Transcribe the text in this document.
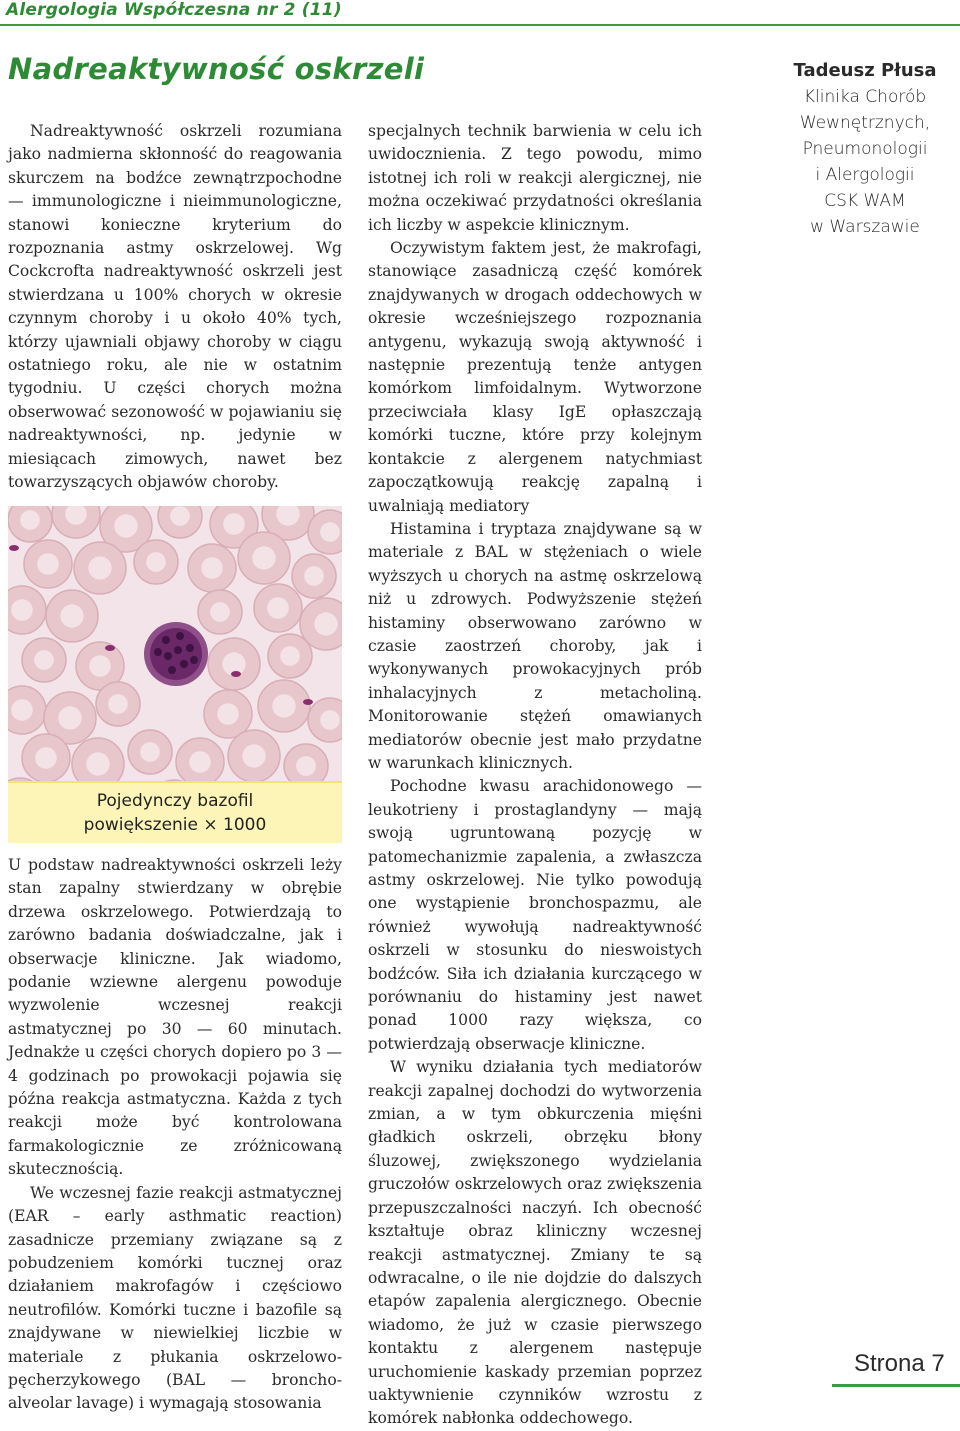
Alergologia Współczesna nr 2 (11)
Nadreaktywność oskrzeli	Tadeusz Płusa
Klinika Chorób
Wewnętrznych,
Pneumonologii
i Alergologii
CSK WAM
w Warszawie

Nadreaktywność oskrzeli rozumiana jako nadmierna skłonność do reagowania skurczem na bodźce zewnątrzpochodne — immunologiczne i nieimmunologiczne, stanowi konieczne kryterium do rozpoznania astmy oskrzelowej. Wg Cockcrofta nadreaktywność oskrzeli jest stwierdzana u 100% chorych w okresie czynnym choroby i u około 40% tych, którzy ujawniali objawy choroby w ciągu ostatniego roku, ale nie w ostatnim tygodniu. U części chorych można obserwować sezonowość w pojawianiu się nadreaktywności, np. jedynie w miesiącach zimowych, nawet bez towarzyszących objawów choroby.

Pojedynczy bazofil
powiększenie × 1000

U podstaw nadreaktywności oskrzeli leży stan zapalny stwierdzany w obrębie drzewa oskrzelowego. Potwierdzają to zarówno badania doświadczalne, jak i obserwacje kliniczne. Jak wiadomo, podanie wziewne alergenu powoduje wyzwolenie wczesnej reakcji astmatycznej po 30 — 60 minutach. Jednakże u części chorych dopiero po 3 — 4 godzinach po prowokacji pojawia się późna reakcja astmatyczna. Każda z tych reakcji może być kontrolowana farmakologicznie ze zróżnicowaną skutecznością.

We wczesnej fazie reakcji astmatycznej (EAR – early asthmatic reaction) zasadnicze przemiany związane są z pobudzeniem komórki tucznej oraz działaniem makrofagów i częściowo neutrofilów. Komórki tuczne i bazofile są znajdywane w niewielkiej liczbie w materiale z płukania oskrzelowo-pęcherzykowego (BAL — broncho-alveolar lavage) i wymagają stosowania

specjalnych technik barwienia w celu ich uwidocznienia. Z tego powodu, mimo istotnej ich roli w reakcji alergicznej, nie można oczekiwać przydatności określania ich liczby w aspekcie klinicznym.

Oczywistym faktem jest, że makrofagi, stanowiące zasadniczą część komórek znajdywanych w drogach oddechowych w okresie wcześniejszego rozpoznania antygenu, wykazują swoją aktywność i następnie prezentują tenże antygen komórkom limfoidalnym. Wytworzone przeciwciała klasy IgE opłaszczają komórki tuczne, które przy kolejnym kontakcie z alergenem natychmiast zapoczątkowują reakcję zapalną i uwalniają mediatory

Histamina i tryptaza znajdywane są w materiale z BAL w stężeniach o wiele wyższych u chorych na astmę oskrzelową niż u zdrowych. Podwyższenie stężeń histaminy obserwowano zarówno w czasie zaostrzeń choroby, jak i wykonywanych prowokacyjnych prób inhalacyjnych z metacholiną. Monitorowanie stężeń omawianych mediatorów obecnie jest mało przydatne w warunkach klinicznych.

Pochodne kwasu arachidonowego — leukotrieny i prostaglandyny — mają swoją ugruntowaną pozycję w patomechanizmie zapalenia, a zwłaszcza astmy oskrzelowej. Nie tylko powodują one wystąpienie bronchospazmu, ale również wywołują nadreaktywność oskrzeli w stosunku do nieswoistych bodźców. Siła ich działania kurczącego w porównaniu do histaminy jest nawet ponad 1000 razy większa, co potwierdzają obserwacje kliniczne.

W wyniku działania tych mediatorów reakcji zapalnej dochodzi do wytworzenia zmian, a w tym obkurczenia mięśni gładkich oskrzeli, obrzęku błony śluzowej, zwiększonego wydzielania gruczołów oskrzelowych oraz zwiększenia przepuszczalności naczyń. Ich obecność kształtuje obraz kliniczny wczesnej reakcji astmatycznej. Zmiany te są odwracalne, o ile nie dojdzie do dalszych etapów zapalenia alergicznego. Obecnie wiadomo, że już w czasie pierwszego kontaktu z alergenem następuje uruchomienie kaskady przemian poprzez uaktywnienie czynników wzrostu z komórek nabłonka oddechowego.

Strona 7
